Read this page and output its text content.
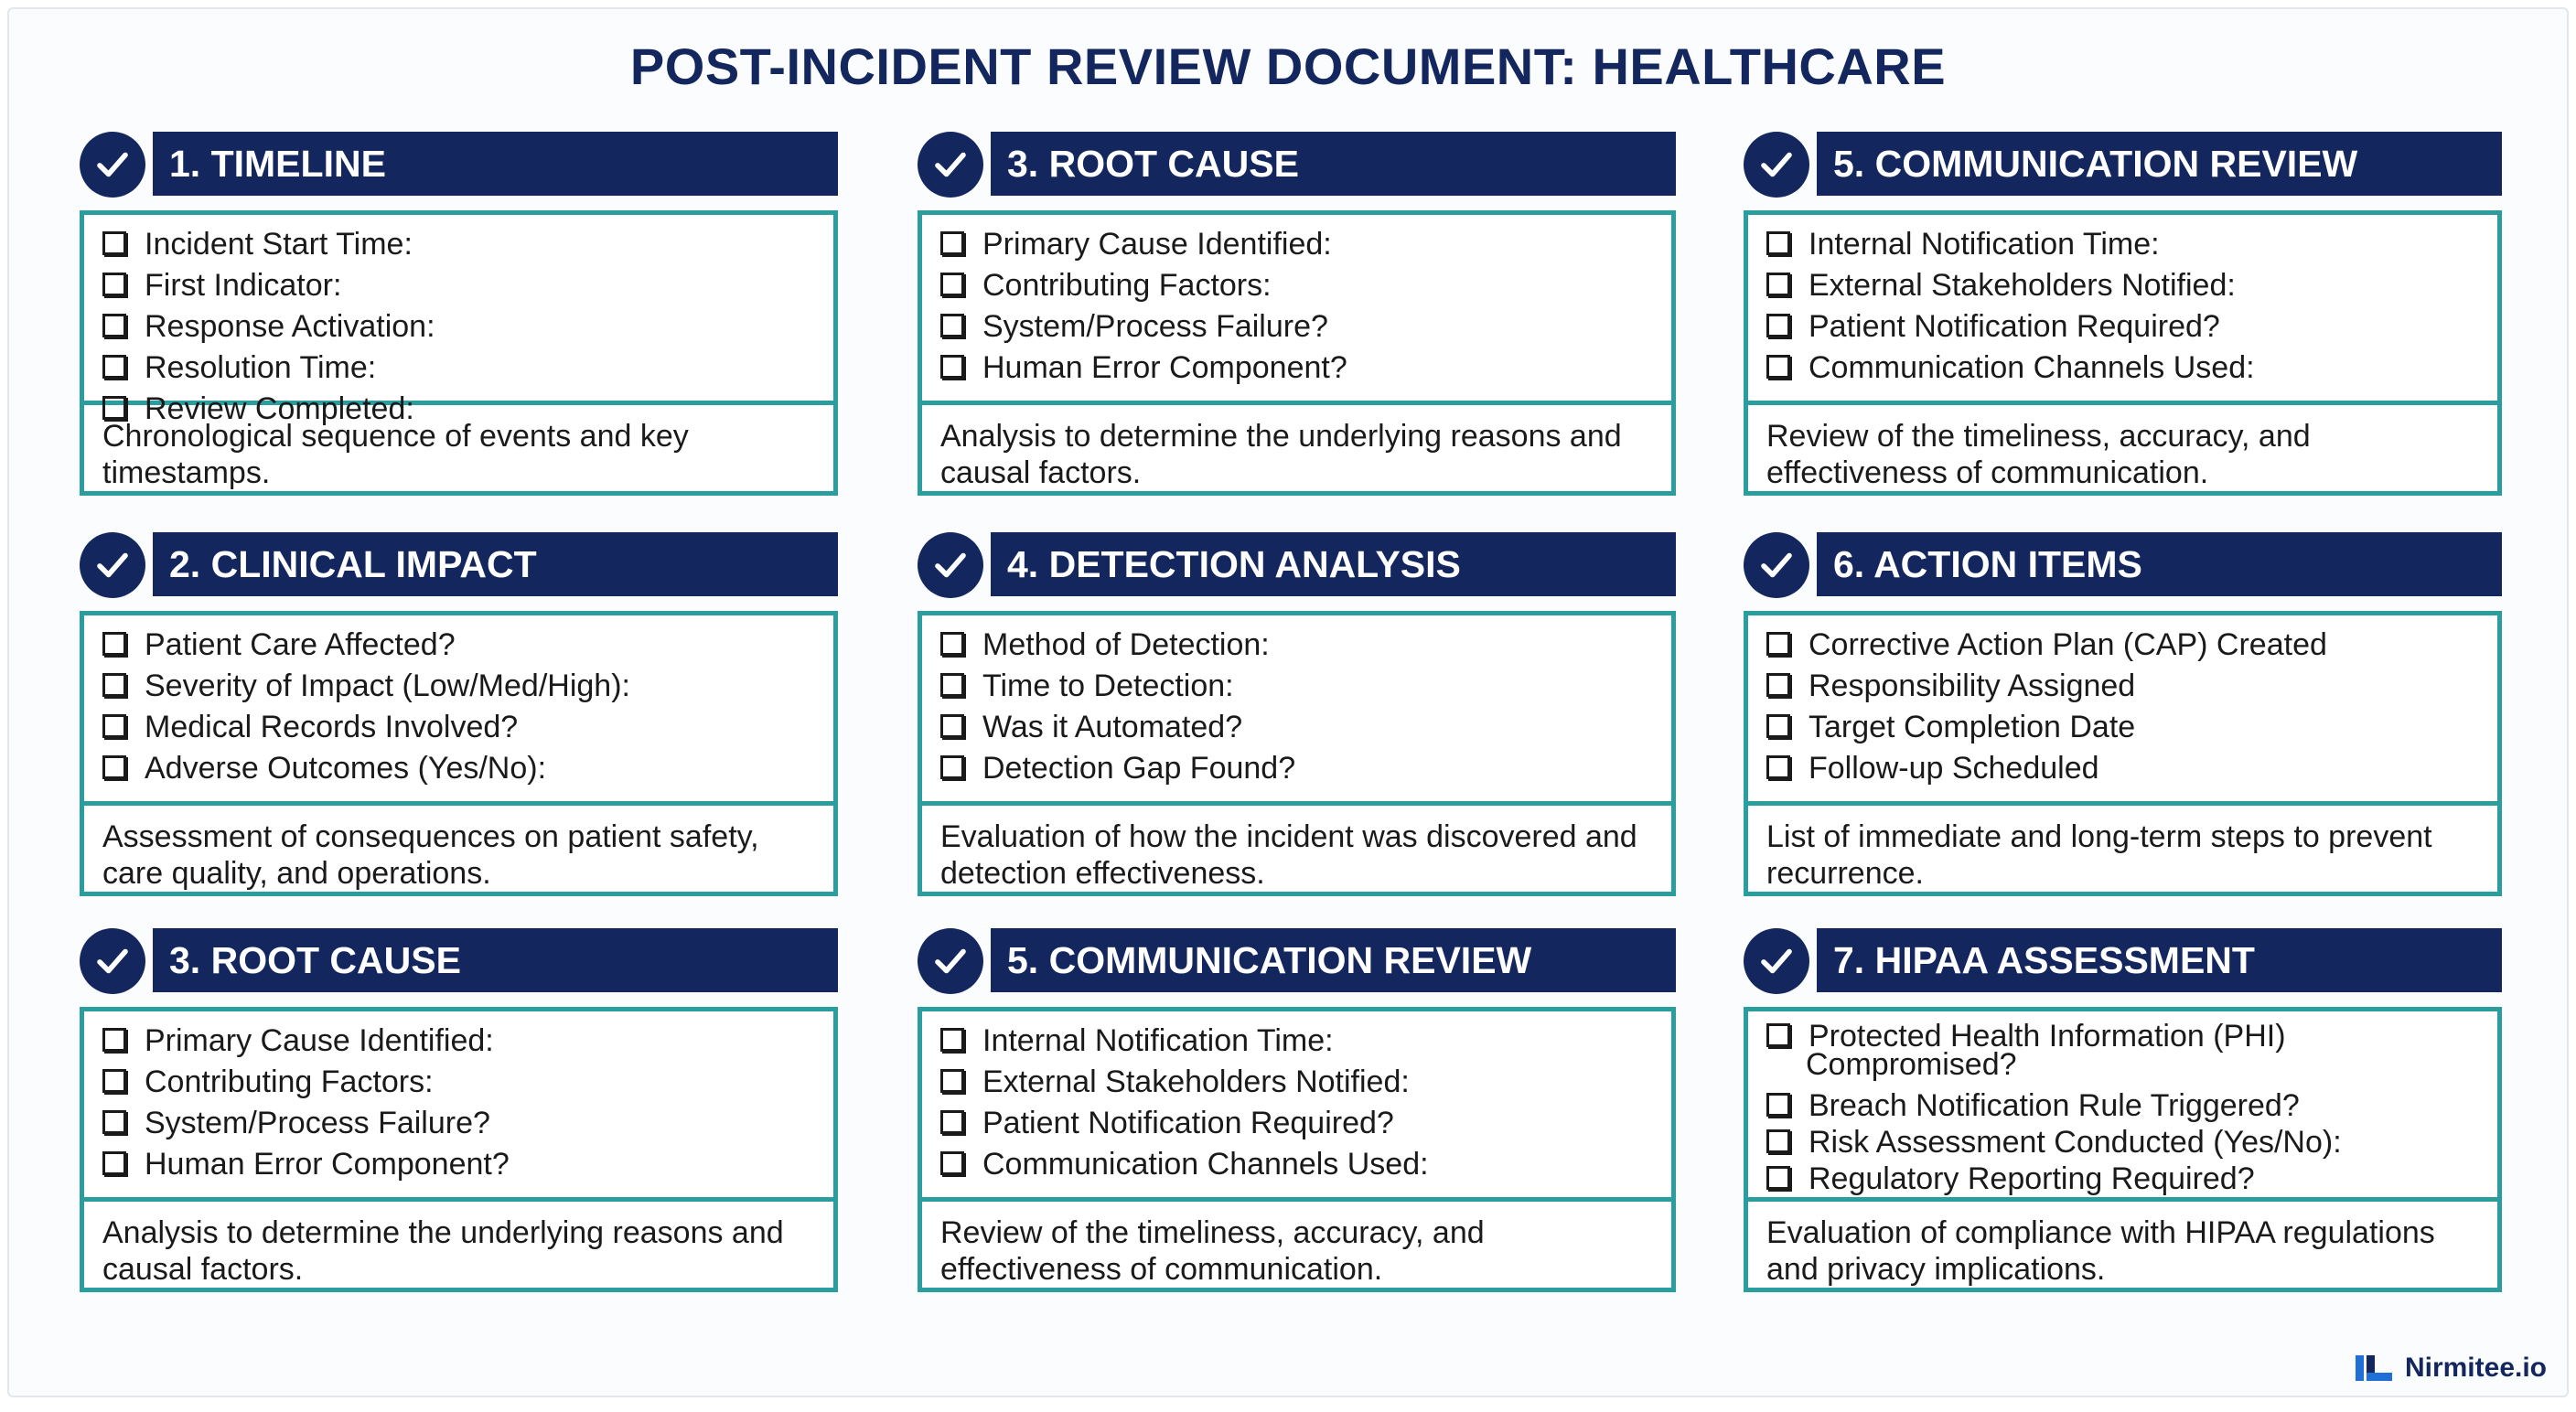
POST-INCIDENT REVIEW DOCUMENT: HEALTHCARE
1. TIMELINE
Incident Start Time:
First Indicator:
Response Activation:
Resolution Time:
Review Completed:
Chronological sequence of events and key timestamps.
3. ROOT CAUSE
Primary Cause Identified:
Contributing Factors:
System/Process Failure?
Human Error Component?
Analysis to determine the underlying reasons and causal factors.
5. COMMUNICATION REVIEW
Internal Notification Time:
External Stakeholders Notified:
Patient Notification Required?
Communication Channels Used:
Review of the timeliness, accuracy, and effectiveness of communication.
2. CLINICAL IMPACT
Patient Care Affected?
Severity of Impact (Low/Med/High):
Medical Records Involved?
Adverse Outcomes (Yes/No):
Assessment of consequences on patient safety, care quality, and operations.
4. DETECTION ANALYSIS
Method of Detection:
Time to Detection:
Was it Automated?
Detection Gap Found?
Evaluation of how the incident was discovered and detection effectiveness.
6. ACTION ITEMS
Corrective Action Plan (CAP) Created
Responsibility Assigned
Target Completion Date
Follow-up Scheduled
List of immediate and long-term steps to prevent recurrence.
3. ROOT CAUSE
Primary Cause Identified:
Contributing Factors:
System/Process Failure?
Human Error Component?
Analysis to determine the underlying reasons and causal factors.
5. COMMUNICATION REVIEW
Internal Notification Time:
External Stakeholders Notified:
Patient Notification Required?
Communication Channels Used:
Review of the timeliness, accuracy, and effectiveness of communication.
7. HIPAA ASSESSMENT
Protected Health Information (PHI) Compromised?
Breach Notification Rule Triggered?
Risk Assessment Conducted (Yes/No):
Regulatory Reporting Required?
Evaluation of compliance with HIPAA regulations and privacy implications.
Nirmitee.io
